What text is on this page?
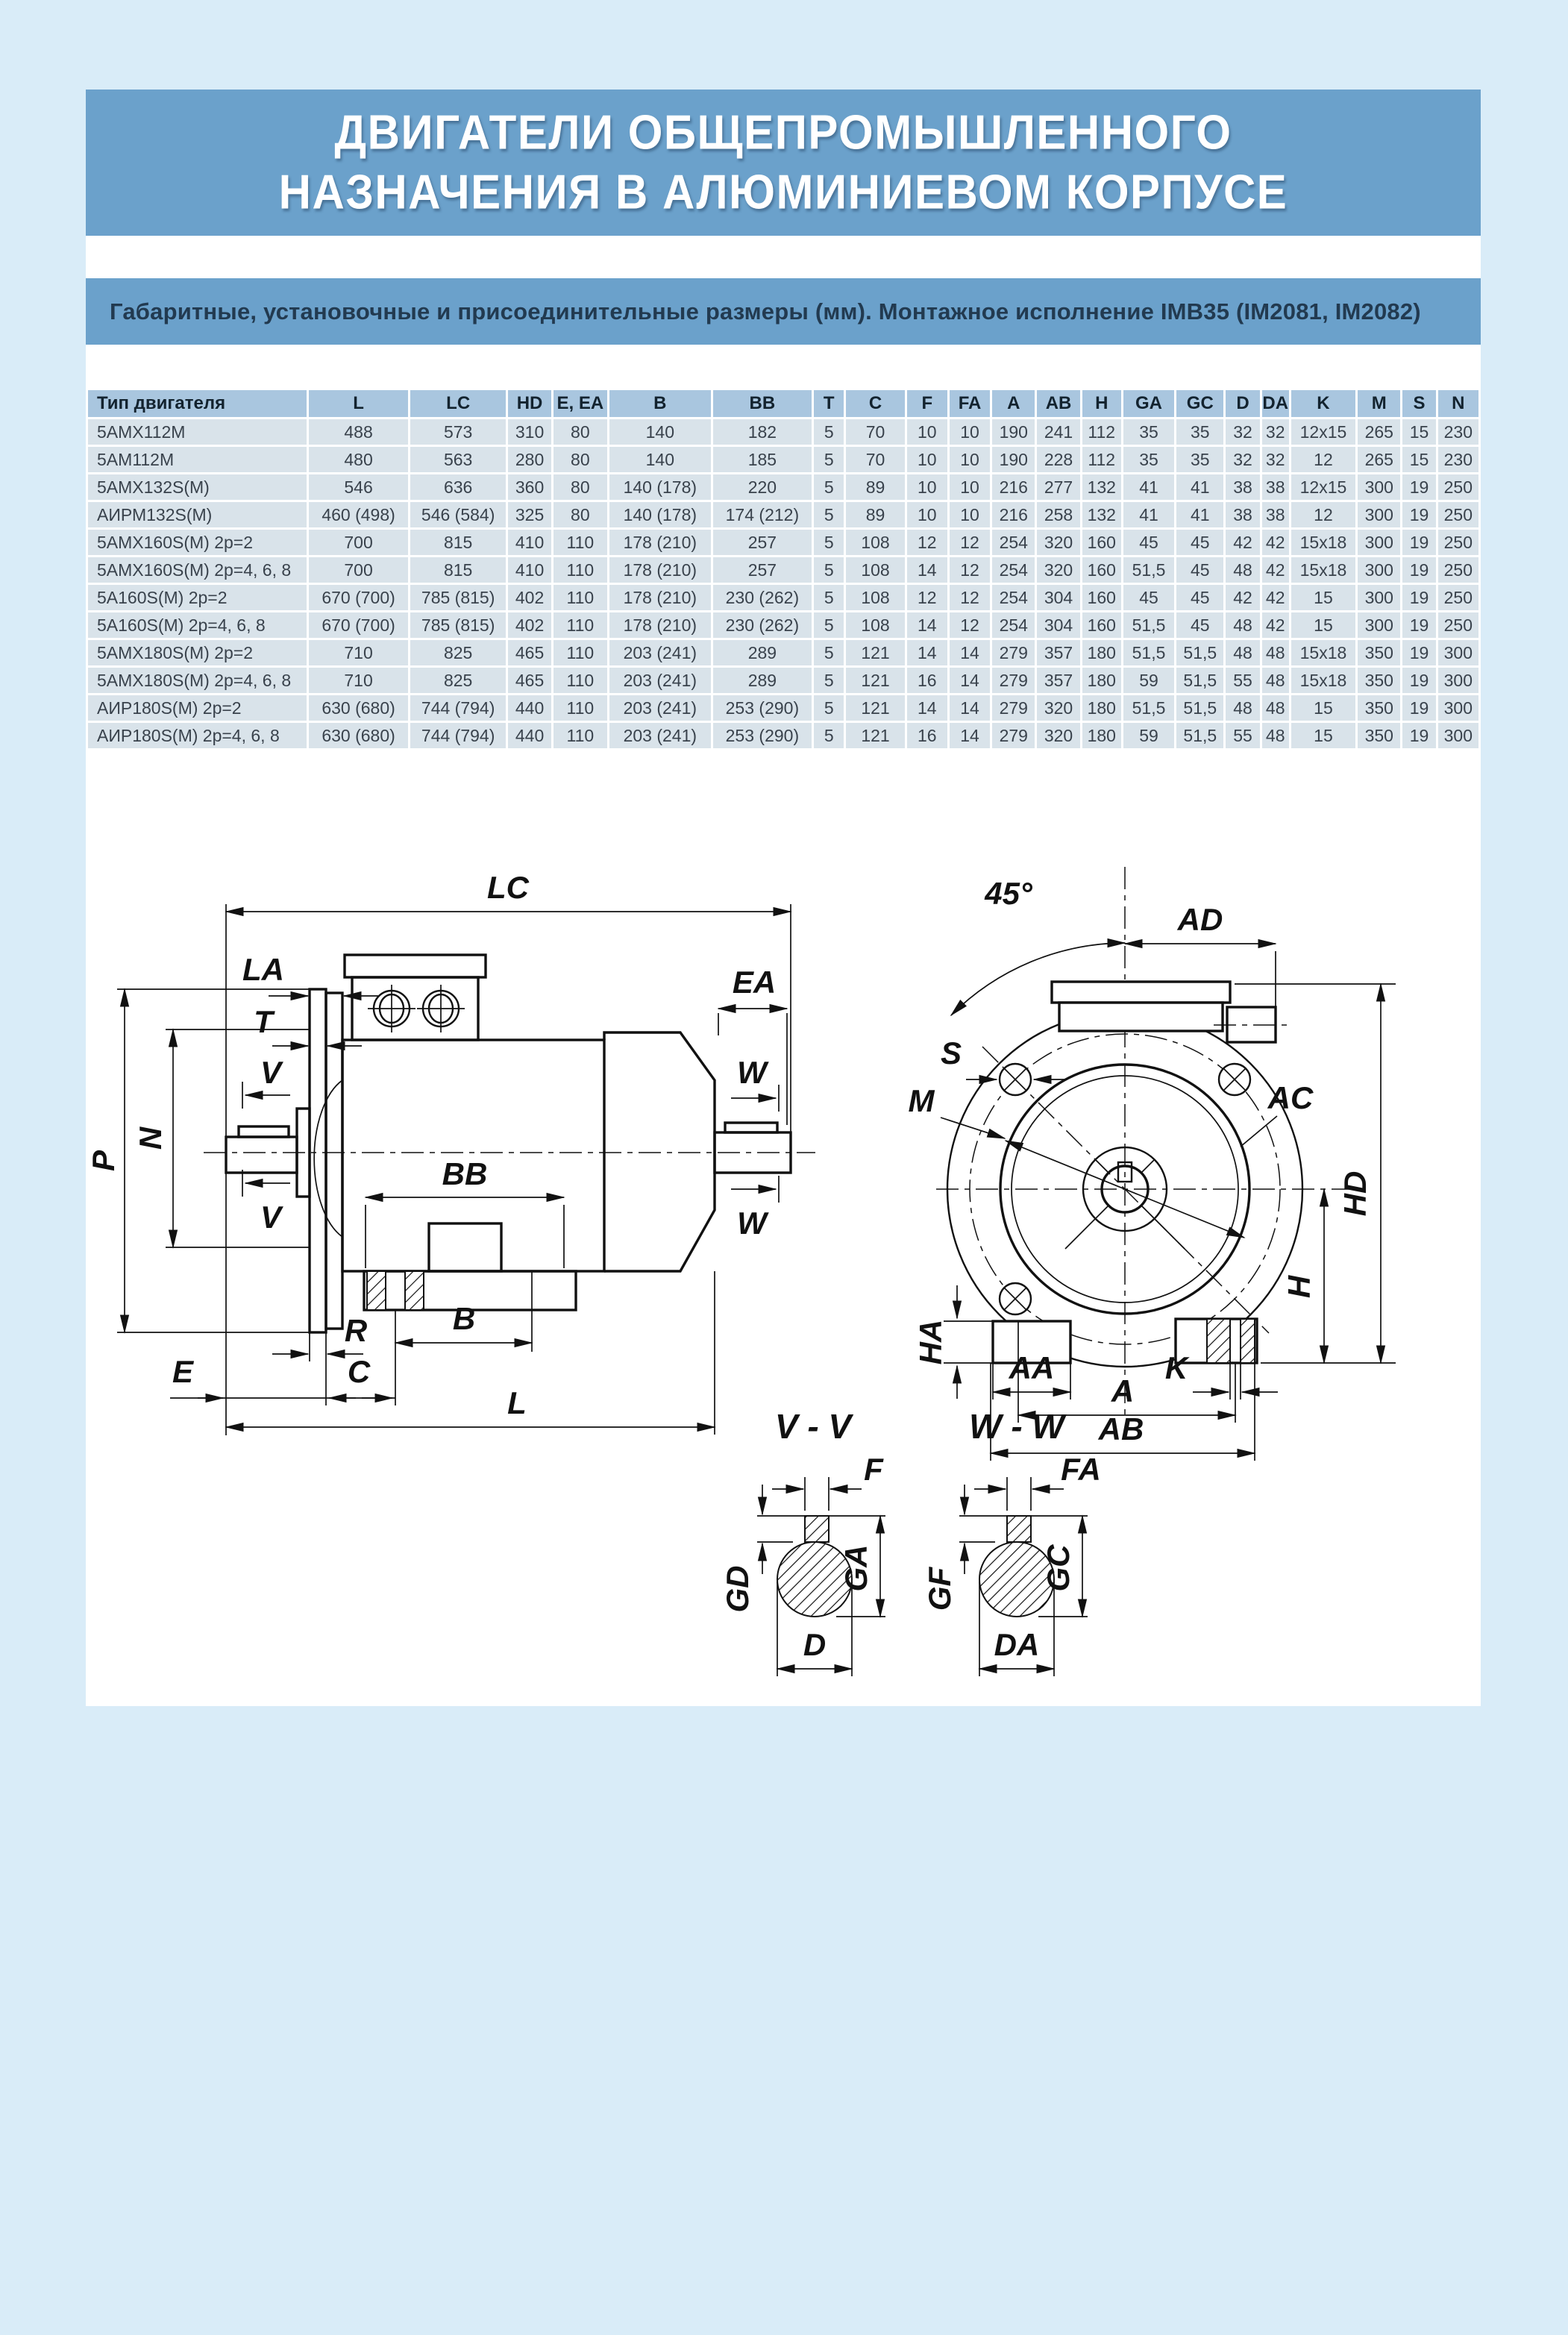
ДВИГАТЕЛИ ОБЩЕПРОМЫШЛЕННОГО
НАЗНАЧЕНИЯ В АЛЮМИНИЕВОМ КОРПУСЕ
Габаритные, установочные и присоединительные размеры (мм). Монтажное исполнение IMB35 (IM2081, IM2082)
Тип двигателя	L	LC	HD	E, EA	B	BB	T	C	F	FA	A	AB	H	GA	GC	D	DA	K	M	S	N
5АМХ112М	488	573	310	80	140	182	5	70	10	10	190	241	112	35	35	32	32	12x15	265	15	230
5АМ112М	480	563	280	80	140	185	5	70	10	10	190	228	112	35	35	32	32	12	265	15	230
5АМХ132S(М)	546	636	360	80	140 (178)	220	5	89	10	10	216	277	132	41	41	38	38	12x15	300	19	250
АИРМ132S(М)	460 (498)	546 (584)	325	80	140 (178)	174 (212)	5	89	10	10	216	258	132	41	41	38	38	12	300	19	250
5АМХ160S(М) 2p=2	700	815	410	110	178 (210)	257	5	108	12	12	254	320	160	45	45	42	42	15x18	300	19	250
5АМХ160S(М) 2p=4, 6, 8	700	815	410	110	178 (210)	257	5	108	14	12	254	320	160	51,5	45	48	42	15x18	300	19	250
5А160S(М) 2p=2	670 (700)	785 (815)	402	110	178 (210)	230 (262)	5	108	12	12	254	304	160	45	45	42	42	15	300	19	250
5А160S(М) 2p=4, 6, 8	670 (700)	785 (815)	402	110	178 (210)	230 (262)	5	108	14	12	254	304	160	51,5	45	48	42	15	300	19	250
5АМХ180S(М) 2p=2	710	825	465	110	203 (241)	289	5	121	14	14	279	357	180	51,5	51,5	48	48	15x18	350	19	300
5АМХ180S(М) 2p=4, 6, 8	710	825	465	110	203 (241)	289	5	121	16	14	279	357	180	59	51,5	55	48	15x18	350	19	300
АИР180S(М) 2p=2	630 (680)	744 (794)	440	110	203 (241)	253 (290)	5	121	14	14	279	320	180	51,5	51,5	48	48	15	350	19	300
АИР180S(М) 2p=4, 6, 8	630 (680)	744 (794)	440	110	203 (241)	253 (290)	5	121	16	14	279	320	180	59	51,5	55	48	15	350	19	300
LC
LA
T
EA
P
N
V
V
W
W
BB
B
R
E	C
L
45°
AD
S
M	AC
HD
H
HA
AA	K
A
AB
V - V
F
GD	GA
D
W - W
FA
GF	GC
DA
